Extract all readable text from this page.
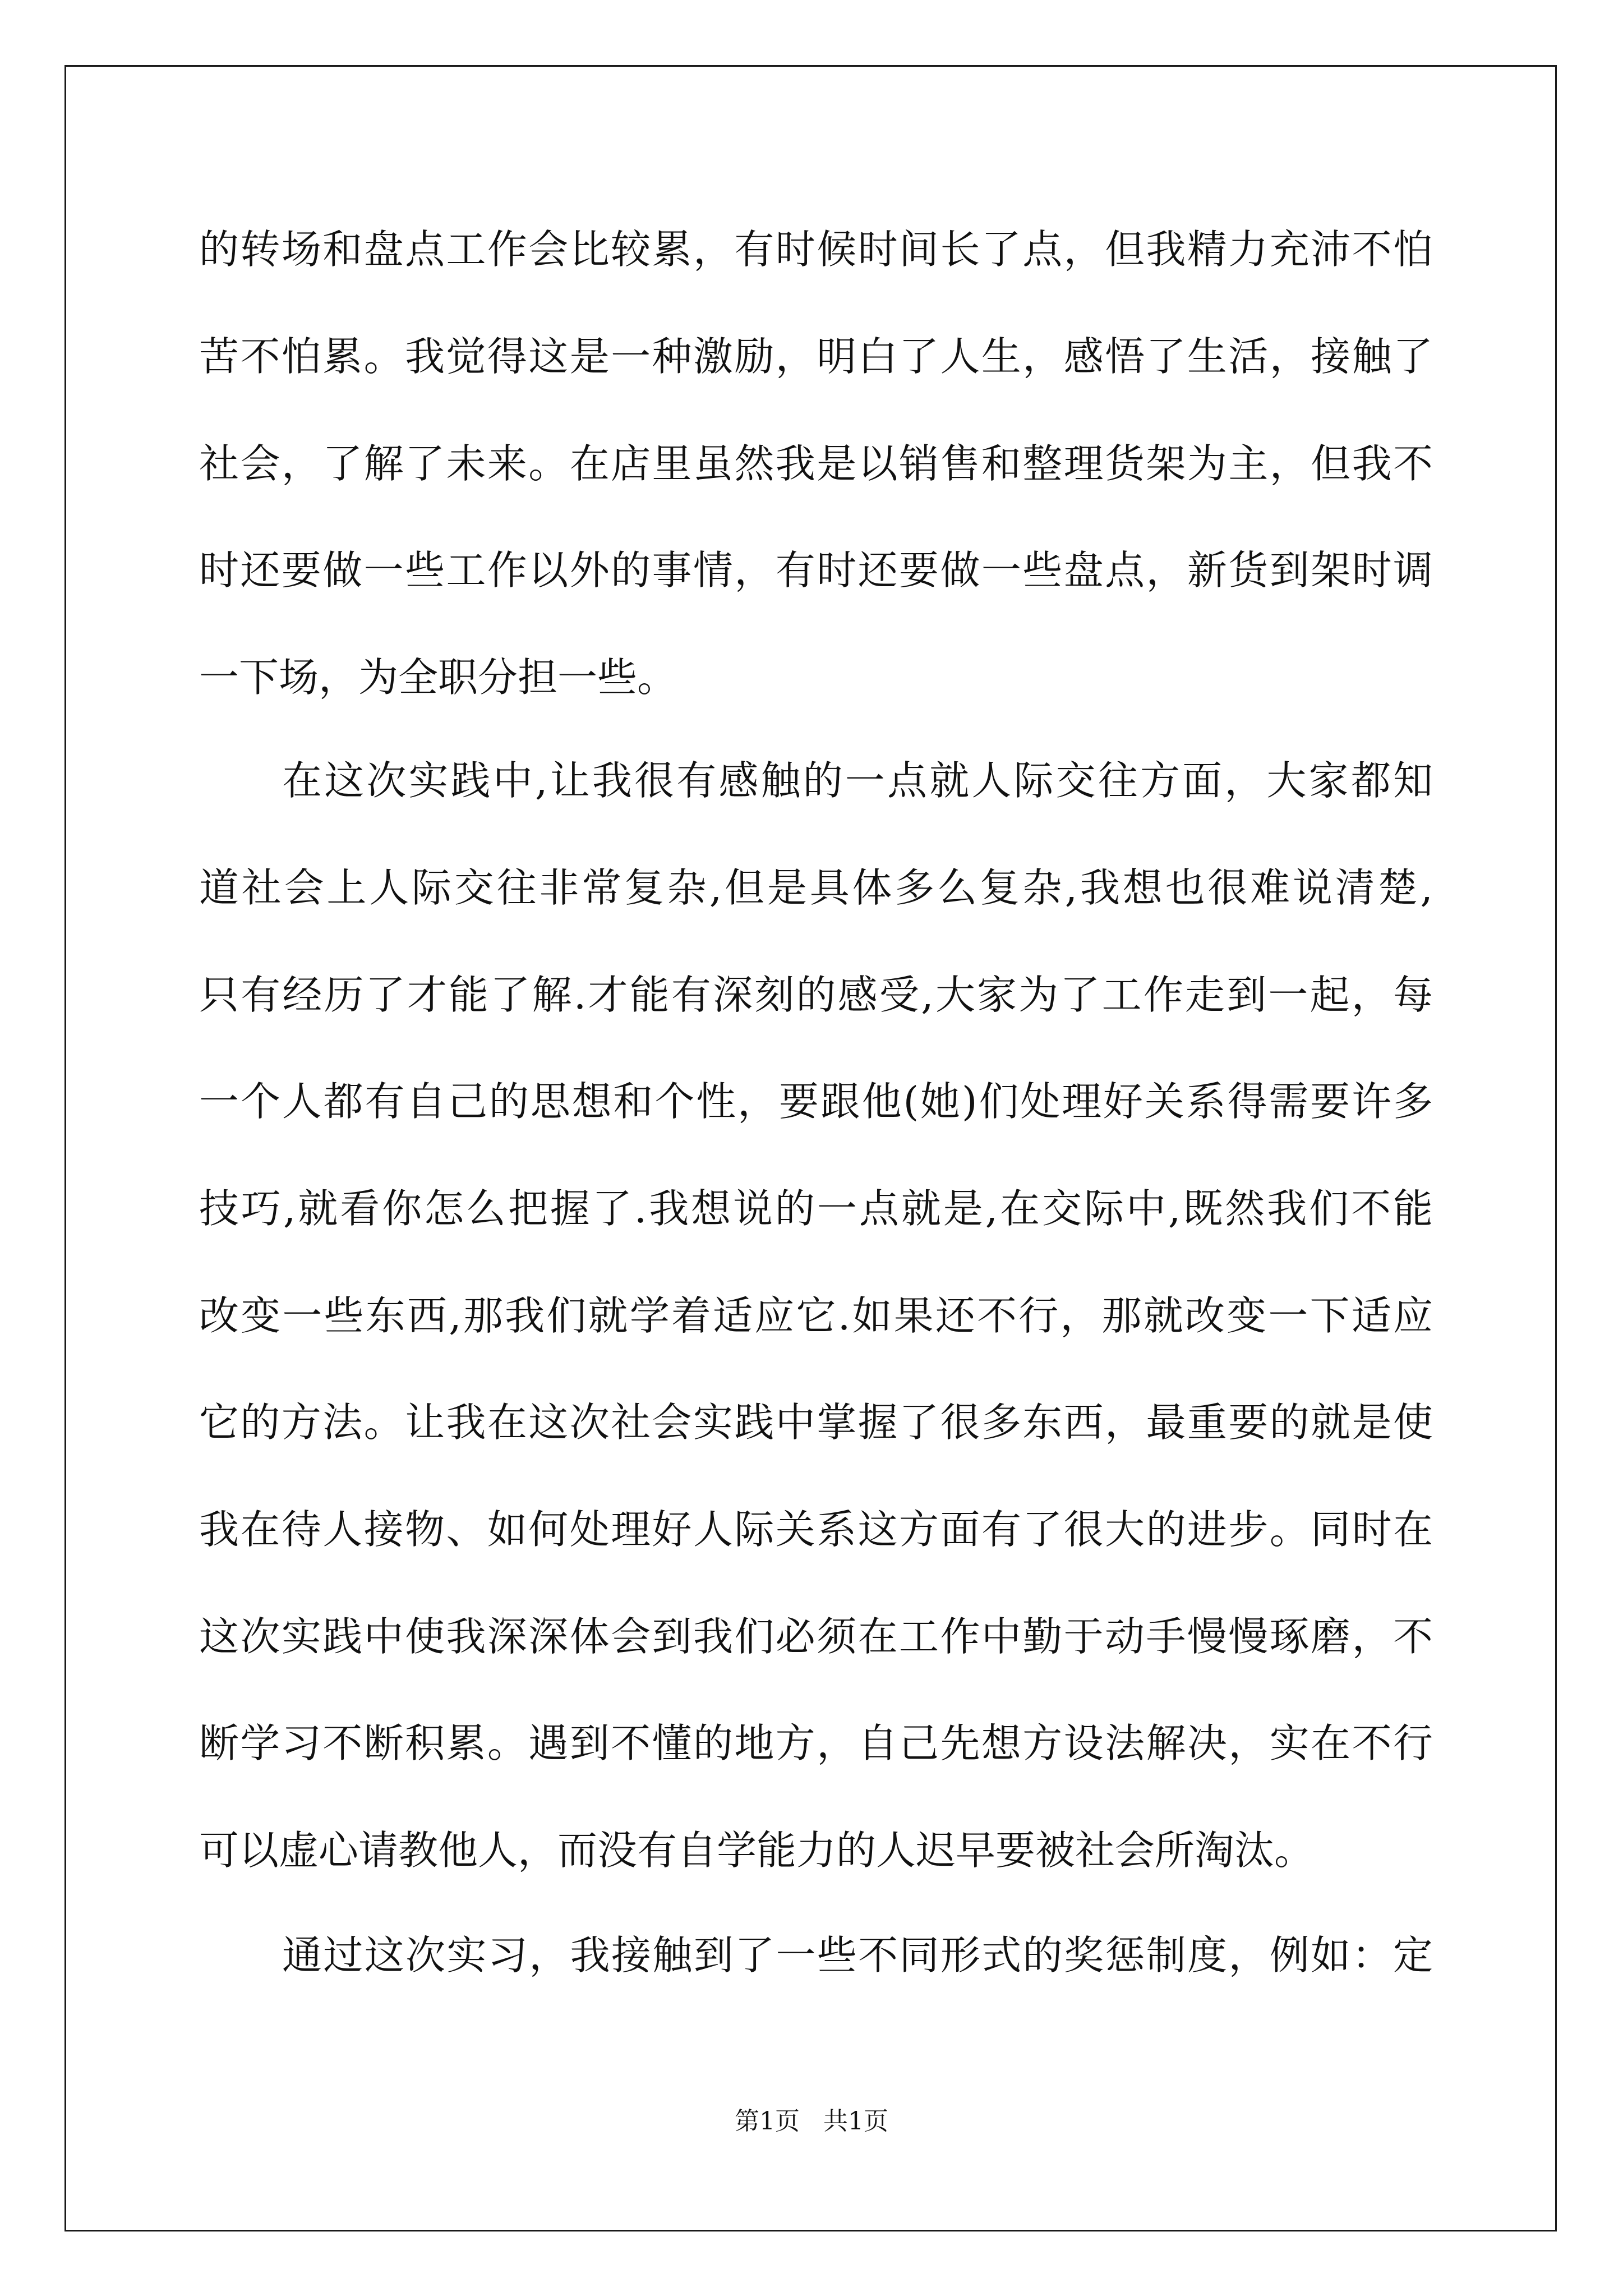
的转场和盘点工作会比较累，有时候时间长了点，但我精力充沛不怕
苦不怕累。我觉得这是一种激励，明白了人生，感悟了生活，接触了
社会，了解了未来。在店里虽然我是以销售和整理货架为主，但我不
时还要做一些工作以外的事情，有时还要做一些盘点，新货到架时调
一下场，为全职分担一些。
在这次实践中,让我很有感触的一点就人际交往方面，大家都知
道社会上人际交往非常复杂,但是具体多么复杂,我想也很难说清楚,
只有经历了才能了解.才能有深刻的感受,大家为了工作走到一起，每
一个人都有自己的思想和个性，要跟他(她)们处理好关系得需要许多
技巧,就看你怎么把握了.我想说的一点就是,在交际中,既然我们不能
改变一些东西,那我们就学着适应它.如果还不行，那就改变一下适应
它的方法。让我在这次社会实践中掌握了很多东西，最重要的就是使
我在待人接物、如何处理好人际关系这方面有了很大的进步。同时在
这次实践中使我深深体会到我们必须在工作中勤于动手慢慢琢磨，不
断学习不断积累。遇到不懂的地方，自己先想方设法解决，实在不行
可以虚心请教他人，而没有自学能力的人迟早要被社会所淘汰。
通过这次实习，我接触到了一些不同形式的奖惩制度，例如：定
第1页   共1页
